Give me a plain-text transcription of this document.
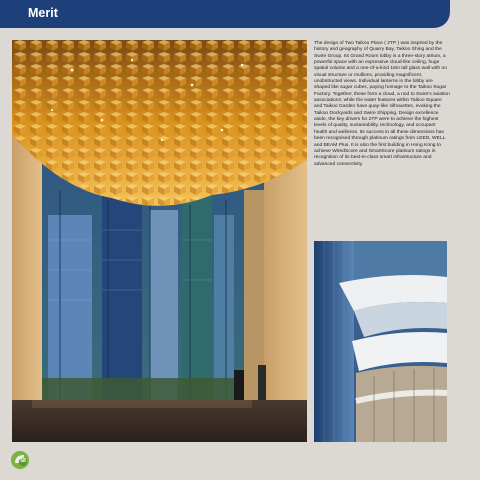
Merit

The design of Two Taikoo Place ( 2TP ) was inspired by the history and geography of Quarry Bay, Taikoo Shing and the Swire Group. Its Grand Room lobby is a three-story atrium, a powerful space with an expressive cloud-like ceiling, huge spatial volume and a one-of-a-kind 18m tall glass wall with no visual structure or mullions, providing magnificent, unobstructed views. Individual lanterns in the lobby are shaped like sugar cubes, paying homage to the Taikoo Sugar Factory. Together, these form a cloud, a nod to Swire's aviation associations; while the water features within Taikoo Square and Taikoo Garden have quay-like silhouettes, evoking the Taikoo Dockyards and Swire Shipping. Design excellence aside, the key drivers for 2TP were to achieve the highest levels of quality, sustainability, technology, and occupant health and wellness. Its success in all these dimensions has been recognised through platinum ratings from LEED, WELL and BEAM Plus. It is also the first building in Hong Kong to achieve WiredScore and SmartScore platinum ratings in recognition of its best-in-class smart infrastructure and advanced connectivity.

58
